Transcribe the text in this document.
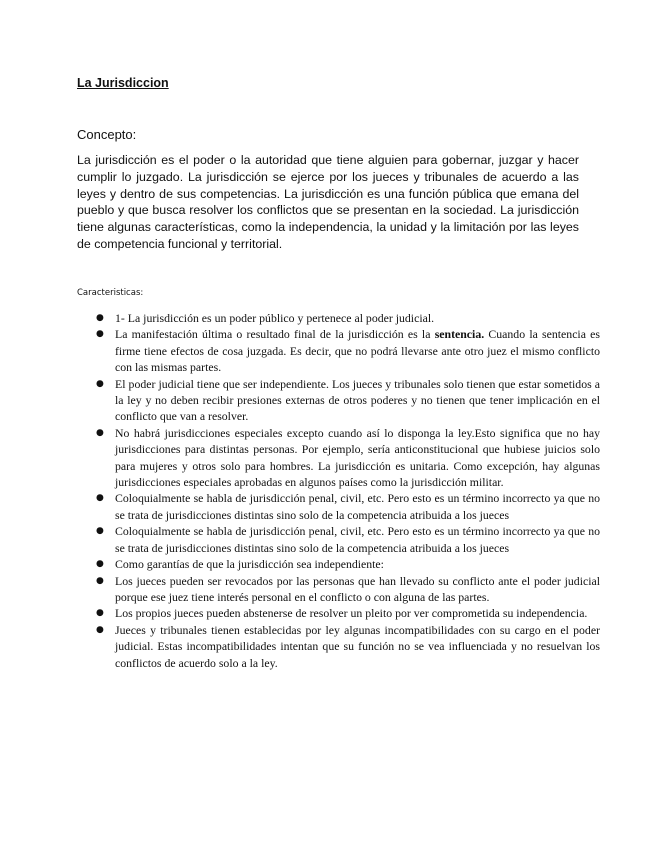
La Jurisdiccion

Concepto:

La jurisdicción es el poder o la autoridad que tiene alguien para gobernar, juzgar y hacer cumplir lo juzgado. La jurisdicción se ejerce por los jueces y tribunales de acuerdo a las leyes y dentro de sus competencias. La jurisdicción es una función pública que emana del pueblo y que busca resolver los conflictos que se presentan en la sociedad. La jurisdicción tiene algunas características, como la independencia, la unidad y la limitación por las leyes de competencia funcional y territorial.

Caracteristicas:

● 1- La jurisdicción es un poder público y pertenece al poder judicial.
● La manifestación última o resultado final de la jurisdicción es la sentencia. Cuando la sentencia es firme tiene efectos de cosa juzgada. Es decir, que no podrá llevarse ante otro juez el mismo conflicto con las mismas partes.
● El poder judicial tiene que ser independiente. Los jueces y tribunales solo tienen que estar sometidos a la ley y no deben recibir presiones externas de otros poderes y no tienen que tener implicación en el conflicto que van a resolver.
● No habrá jurisdicciones especiales excepto cuando así lo disponga la ley.Esto significa que no hay jurisdicciones para distintas personas. Por ejemplo, sería anticonstitucional que hubiese juicios solo para mujeres y otros solo para hombres. La jurisdicción es unitaria. Como excepción, hay algunas jurisdicciones especiales aprobadas en algunos países como la jurisdicción militar.
● Coloquialmente se habla de jurisdicción penal, civil, etc. Pero esto es un término incorrecto ya que no se trata de jurisdicciones distintas sino solo de la competencia atribuida a los jueces
● Coloquialmente se habla de jurisdicción penal, civil, etc. Pero esto es un término incorrecto ya que no se trata de jurisdicciones distintas sino solo de la competencia atribuida a los jueces
● Como garantías de que la jurisdicción sea independiente:
● Los jueces pueden ser revocados por las personas que han llevado su conflicto ante el poder judicial porque ese juez tiene interés personal en el conflicto o con alguna de las partes.
● Los propios jueces pueden abstenerse de resolver un pleito por ver comprometida su independencia.
● Jueces y tribunales tienen establecidas por ley algunas incompatibilidades con su cargo en el poder judicial. Estas incompatibilidades intentan que su función no se vea influenciada y no resuelvan los conflictos de acuerdo solo a la ley.
